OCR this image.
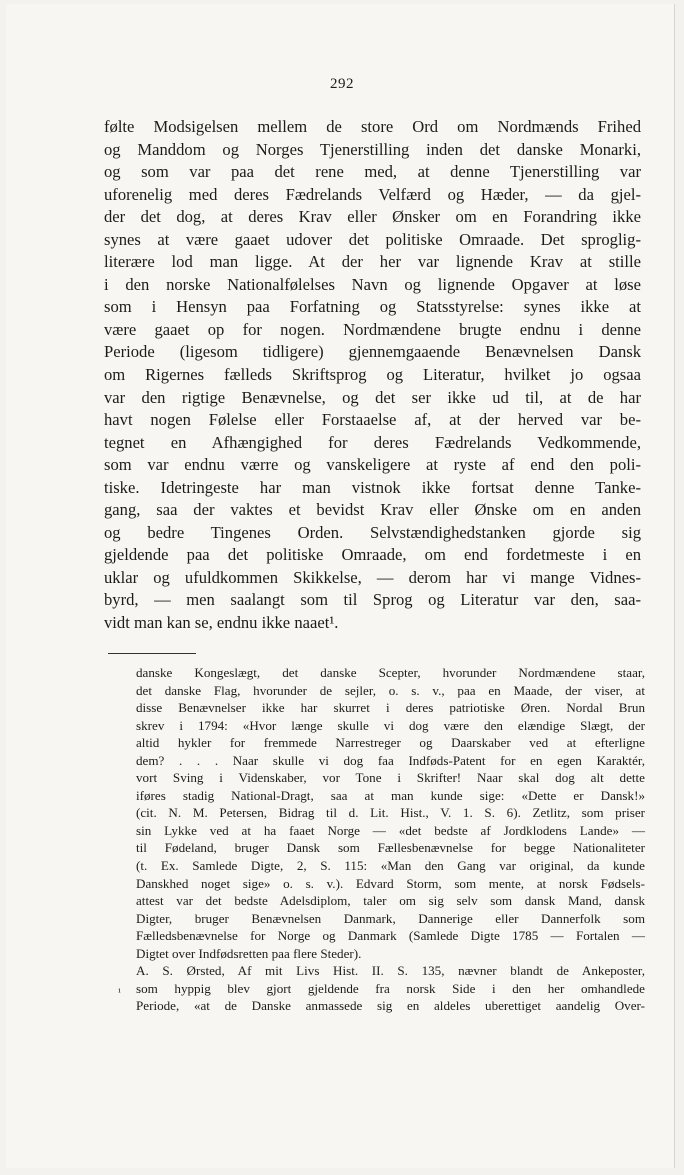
292
følte Modsigelsen mellem de store Ord om Nordmænds Frihed
og Manddom og Norges Tjenerstilling inden det danske Monarki,
og som var paa det rene med, at denne Tjenerstilling var
uforenelig med deres Fædrelands Velfærd og Hæder, — da gjel-
der det dog, at deres Krav eller Ønsker om en Forandring ikke
synes at være gaaet udover det politiske Omraade. Det sproglig-
literære lod man ligge. At der her var lignende Krav at stille
i den norske Nationalfølelses Navn og lignende Opgaver at løse
som i Hensyn paa Forfatning og Statsstyrelse: synes ikke at
være gaaet op for nogen. Nordmændene brugte endnu i denne
Periode (ligesom tidligere) gjennemgaaende Benævnelsen Dansk
om Rigernes fælleds Skriftsprog og Literatur, hvilket jo ogsaa
var den rigtige Benævnelse, og det ser ikke ud til, at de har
havt nogen Følelse eller Forstaaelse af, at der herved var be-
tegnet en Afhængighed for deres Fædrelands Vedkommende,
som var endnu værre og vanskeligere at ryste af end den poli-
tiske. Idetringeste har man vistnok ikke fortsat denne Tanke-
gang, saa der vaktes et bevidst Krav eller Ønske om en anden
og bedre Tingenes Orden. Selvstændighedstanken gjorde sig
gjeldende paa det politiske Omraade, om end fordetmeste i en
uklar og ufuldkommen Skikkelse, — derom har vi mange Vidnes-
byrd, — men saalangt som til Sprog og Literatur var den, saa-
vidt man kan se, endnu ikke naaet¹.
danske Kongeslægt, det danske Scepter, hvorunder Nordmændene staar,
det danske Flag, hvorunder de sejler, o. s. v., paa en Maade, der viser, at
disse Benævnelser ikke har skurret i deres patriotiske Øren. Nordal Brun
skrev i 1794: «Hvor længe skulle vi dog være den elændige Slægt, der
altid hykler for fremmede Narrestreger og Daarskaber ved at efterligne
dem? . . . Naar skulle vi dog faa Indføds-Patent for en egen Karaktér,
vort Sving i Videnskaber, vor Tone i Skrifter! Naar skal dog alt dette
iføres stadig National-Dragt, saa at man kunde sige: «Dette er Dansk!»
(cit. N. M. Petersen, Bidrag til d. Lit. Hist., V. 1. S. 6). Zetlitz, som priser
sin Lykke ved at ha faaet Norge — «det bedste af Jordklodens Lande» —
til Fødeland, bruger Dansk som Fællesbenævnelse for begge Nationaliteter
(t. Ex. Samlede Digte, 2, S. 115: «Man den Gang var original, da kunde
Danskhed noget sige» o. s. v.). Edvard Storm, som mente, at norsk Fødsels-
attest var det bedste Adelsdiplom, taler om sig selv som dansk Mand, dansk
Digter, bruger Benævnelsen Danmark, Dannerige eller Dannerfolk som
Fælledsbenævnelse for Norge og Danmark (Samlede Digte 1785 — Fortalen —
Digtet over Indfødsretten paa flere Steder).
A. S. Ørsted, Af mit Livs Hist. II. S. 135, nævner blandt de Ankeposter,
som hyppig blev gjort gjeldende fra norsk Side i den her omhandlede
Periode, «at de Danske anmassede sig en aldeles uberettiget aandelig Over-
¹
